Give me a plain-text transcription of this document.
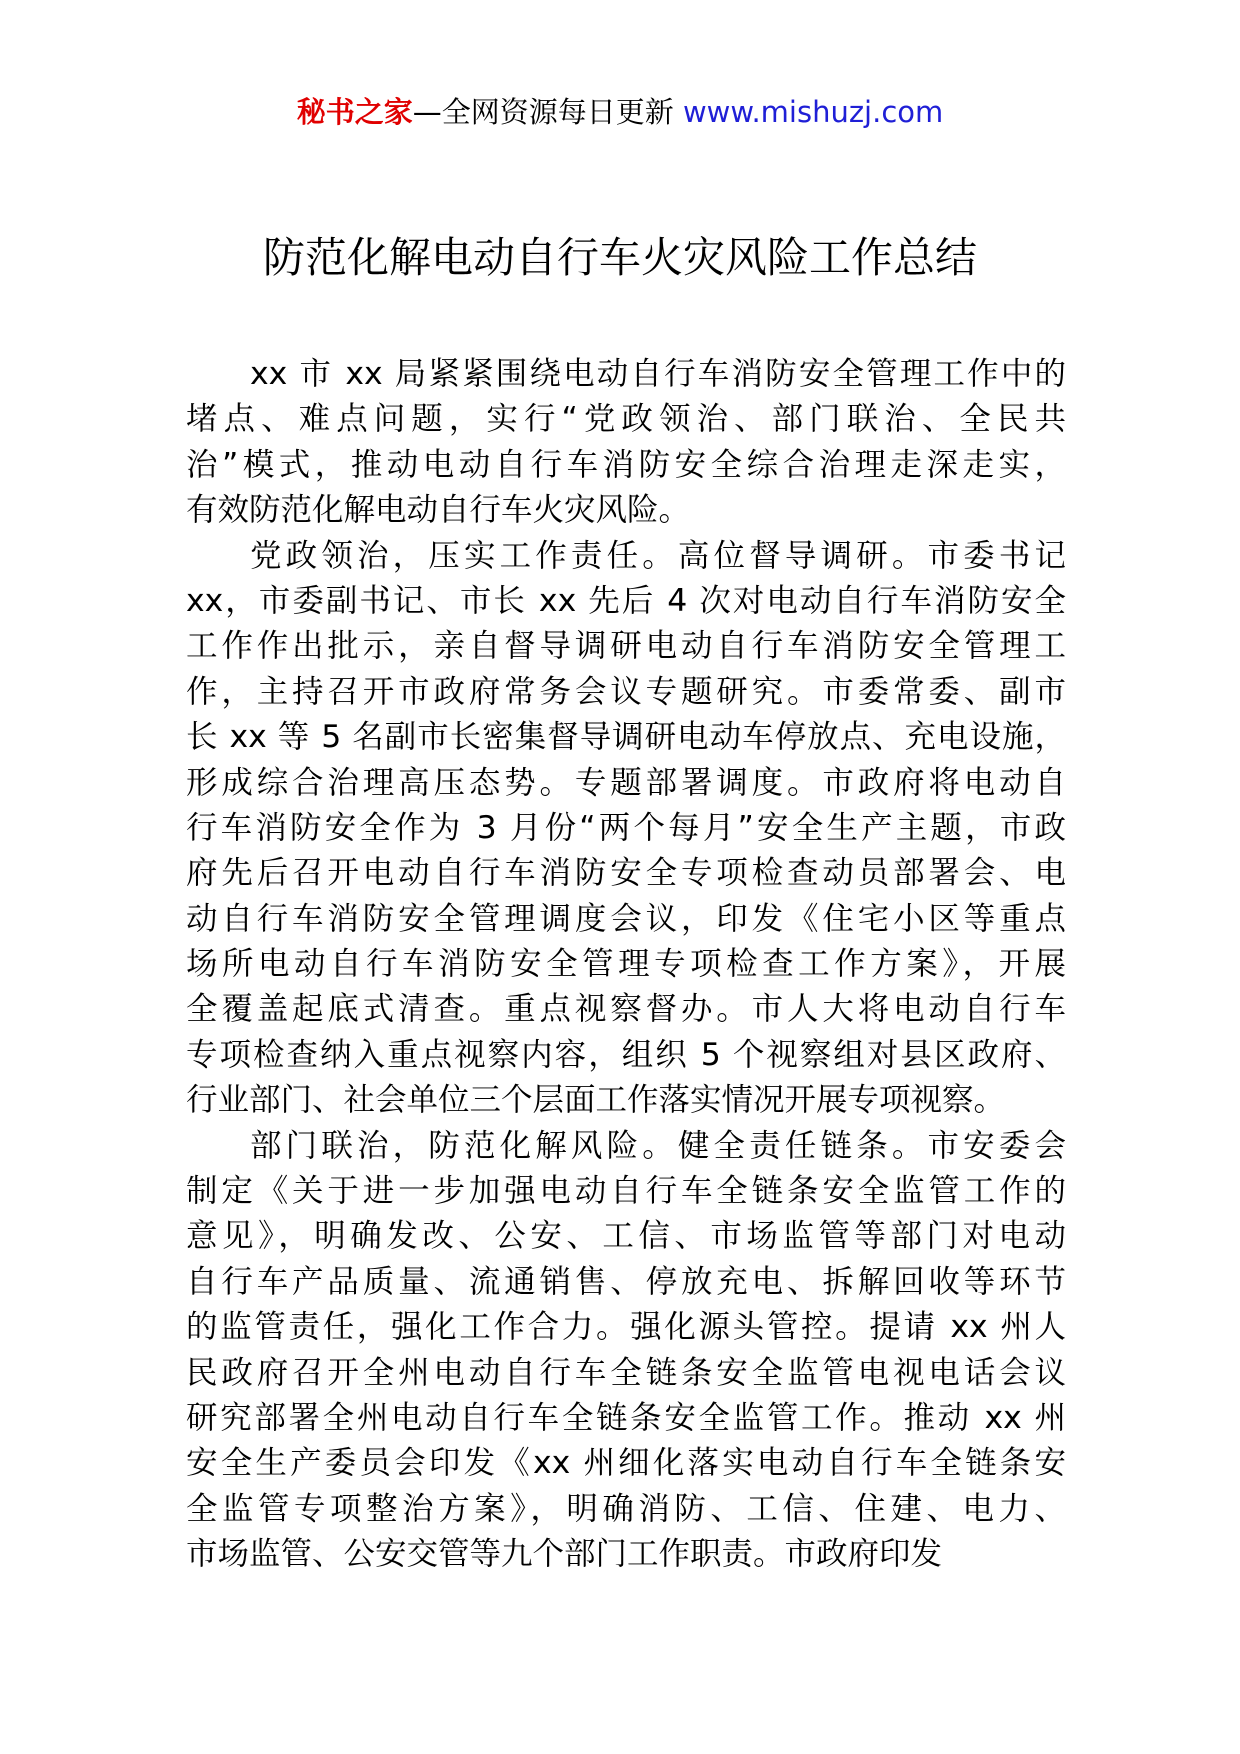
秘书之家—全网资源每日更新 www.mishuzj.com
防范化解电动自行车火灾风险工作总结
xx 市 xx 局紧紧围绕电动自行车消防安全管理工作中的
堵点、难点问题，实行“党政领治、部门联治、全民共
治”模式，推动电动自行车消防安全综合治理走深走实，
有效防范化解电动自行车火灾风险。
党政领治，压实工作责任。高位督导调研。市委书记
xx，市委副书记、市长 xx 先后 4 次对电动自行车消防安全
工作作出批示，亲自督导调研电动自行车消防安全管理工
作，主持召开市政府常务会议专题研究。市委常委、副市
长 xx 等 5 名副市长密集督导调研电动车停放点、充电设施，
形成综合治理高压态势。专题部署调度。市政府将电动自
行车消防安全作为 3 月份“两个每月”安全生产主题，市政
府先后召开电动自行车消防安全专项检查动员部署会、电
动自行车消防安全管理调度会议，印发《住宅小区等重点
场所电动自行车消防安全管理专项检查工作方案》，开展
全覆盖起底式清查。重点视察督办。市人大将电动自行车
专项检查纳入重点视察内容，组织 5 个视察组对县区政府、
行业部门、社会单位三个层面工作落实情况开展专项视察。
部门联治，防范化解风险。健全责任链条。市安委会
制定《关于进一步加强电动自行车全链条安全监管工作的
意见》，明确发改、公安、工信、市场监管等部门对电动
自行车产品质量、流通销售、停放充电、拆解回收等环节
的监管责任，强化工作合力。强化源头管控。提请 xx 州人
民政府召开全州电动自行车全链条安全监管电视电话会议
研究部署全州电动自行车全链条安全监管工作。推动 xx 州
安全生产委员会印发《xx 州细化落实电动自行车全链条安
全监管专项整治方案》，明确消防、工信、住建、电力、
市场监管、公安交管等九个部门工作职责。市政府印发
